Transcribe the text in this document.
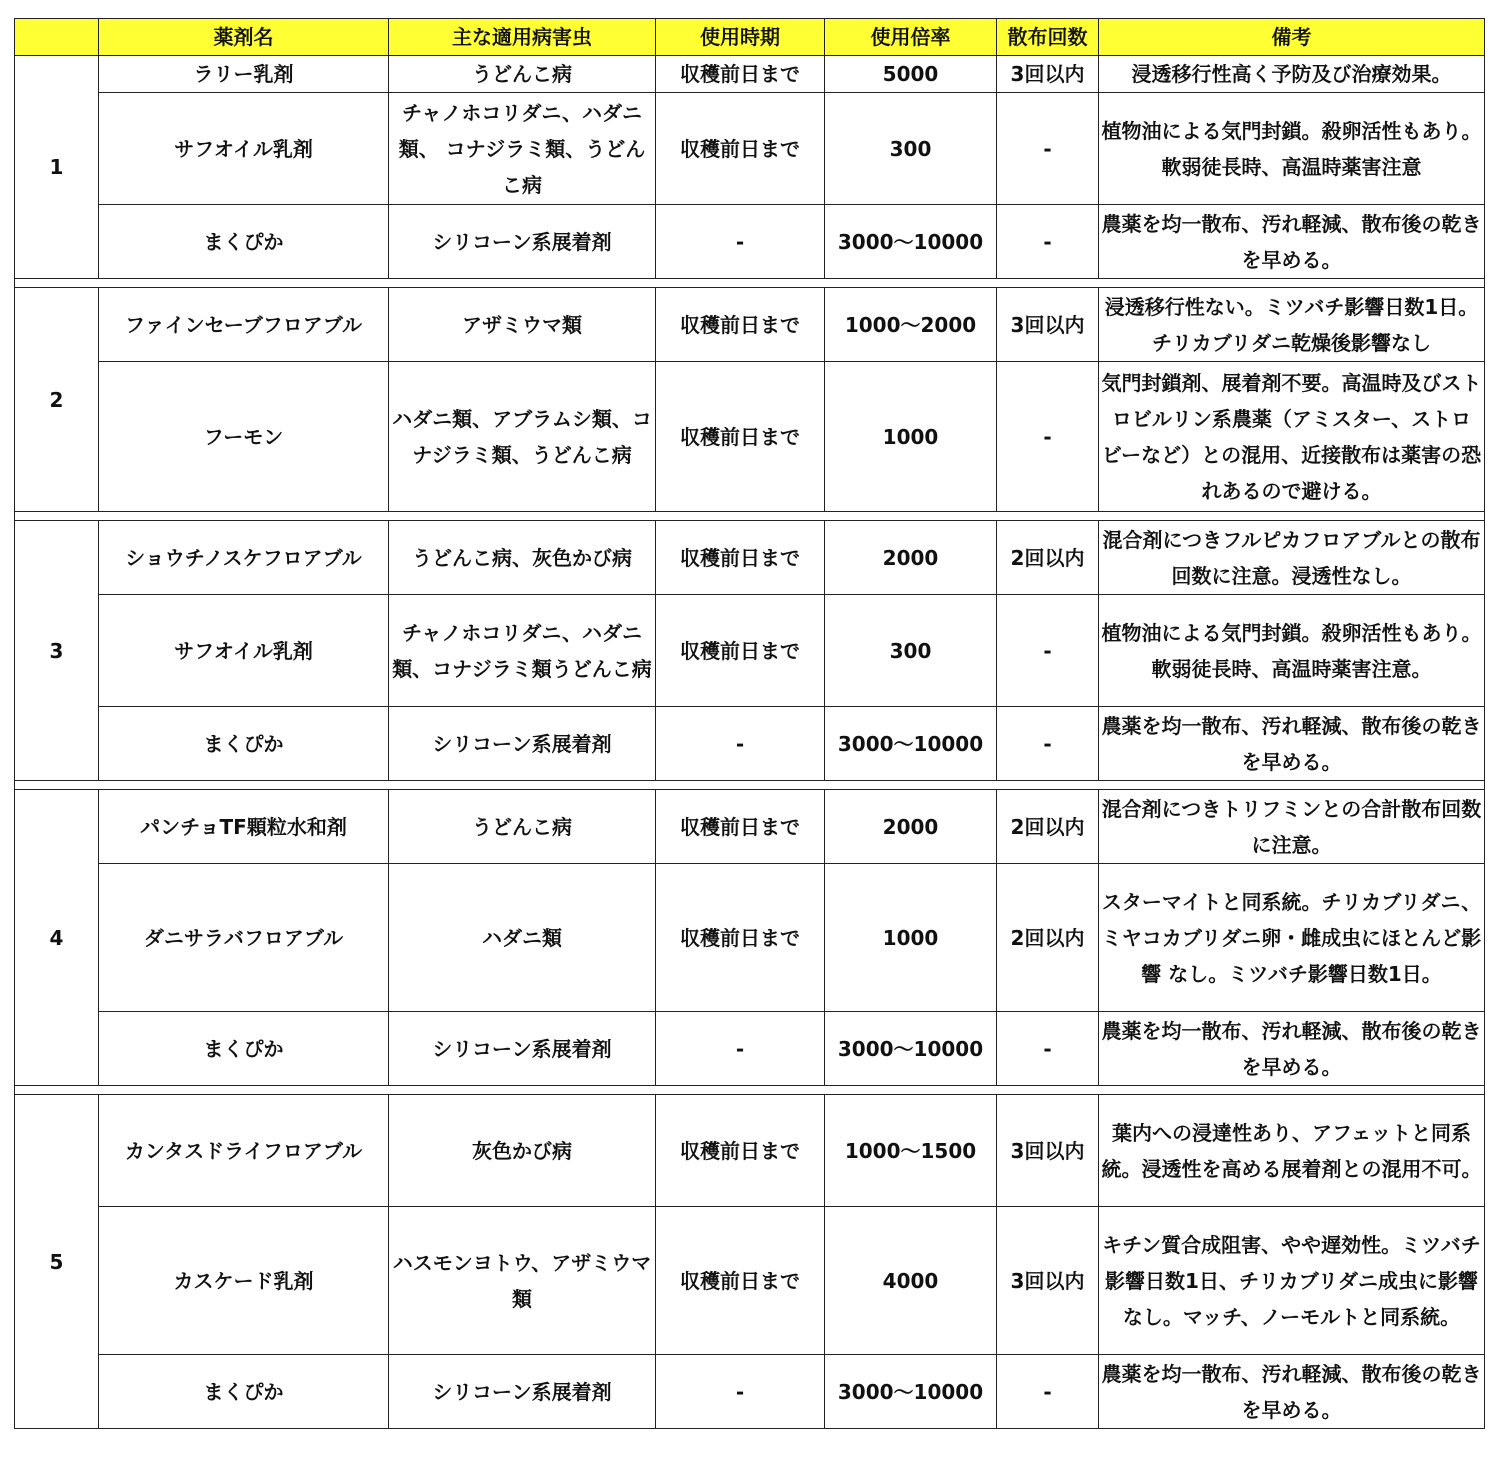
	薬剤名	主な適用病害虫	使用時期	使用倍率	散布回数	備考
1	ラリー乳剤	うどんこ病	収穫前日まで	5000	3回以内	浸透移行性高く予防及び治療効果。
	サフオイル乳剤	チャノホコリダニ、ハダニ類、 コナジラミ類、うどんこ病	収穫前日まで	300	-	植物油による気門封鎖。殺卵活性もあり。軟弱徒長時、高温時薬害注意
	まくぴか	シリコーン系展着剤	-	3000～10000	-	農薬を均一散布、汚れ軽減、散布後の乾きを早める。

2	ファインセーブフロアブル	アザミウマ類	収穫前日まで	1000～2000	3回以内	浸透移行性ない。ミツバチ影響日数1日。チリカブリダニ乾燥後影響なし
	フーモン	ハダニ類、アブラムシ類、コ ナジラミ類、うどんこ病	収穫前日まで	1000	-	気門封鎖剤、展着剤不要。高温時及びストロビルリン系農薬（アミスター、ストロ ビーなど）との混用、近接散布は薬害の恐れあるので避ける。

3	ショウチノスケフロアブル	うどんこ病、灰色かび病	収穫前日まで	2000	2回以内	混合剤につきフルピカフロアブルとの散布回数に注意。浸透性なし。
	サフオイル乳剤	チャノホコリダニ、ハダニ類、コナジラミ類うどんこ病	収穫前日まで	300	-	植物油による気門封鎖。殺卵活性もあり。軟弱徒長時、高温時薬害注意。
	まくぴか	シリコーン系展着剤	-	3000～10000	-	農薬を均一散布、汚れ軽減、散布後の乾きを早める。

4	パンチョTF顆粒水和剤	うどんこ病	収穫前日まで	2000	2回以内	混合剤につきトリフミンとの合計散布回数に注意。
	ダニサラバフロアブル	ハダニ類	収穫前日まで	1000	2回以内	スターマイトと同系統。チリカブリダニ、ミヤコカブリダニ卵・雌成虫にほとんど影響 なし。ミツバチ影響日数1日。
	まくぴか	シリコーン系展着剤	-	3000～10000	-	農薬を均一散布、汚れ軽減、散布後の乾きを早める。

5	カンタスドライフロアブル	灰色かび病	収穫前日まで	1000～1500	3回以内	葉内への浸達性あり、アフェットと同系統。浸透性を高める展着剤との混用不可。
	カスケード乳剤	ハスモンヨトウ、アザミウマ 類	収穫前日まで	4000	3回以内	キチン質合成阻害、やや遅効性。ミツバチ影響日数1日、チリカブリダニ成虫に影響 なし。マッチ、ノーモルトと同系統。
	まくぴか	シリコーン系展着剤	-	3000～10000	-	農薬を均一散布、汚れ軽減、散布後の乾きを早める。
